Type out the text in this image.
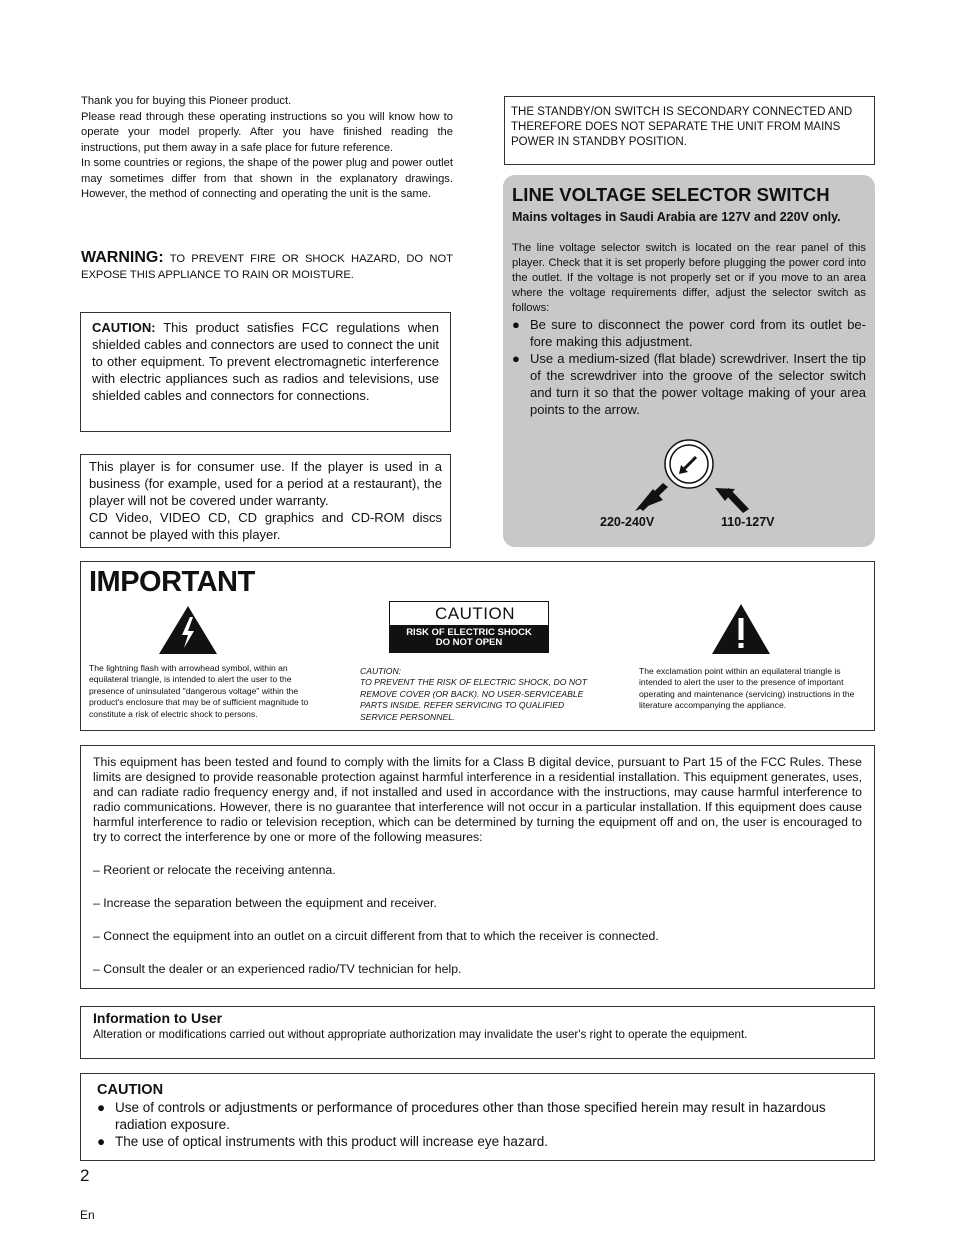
Thank you for buying this Pioneer product.

Please read through these operating instructions so you will know how to operate your model properly. After you have finished reading the instructions, put them away in a safe place for future reference.

In some countries or regions, the shape of the power plug and power outlet may sometimes differ from that shown in the explanatory drawings. However, the method of connecting and operating the unit is the same.

WARNING: TO PREVENT FIRE OR SHOCK HAZARD, DO NOT EXPOSE THIS APPLIANCE TO RAIN OR MOISTURE.
CAUTION: This product satisfies FCC regulations when shielded cables and connectors are used to connect the unit to other equipment. To prevent electromagnetic interference with electric appliances such as radios and televisions, use shielded cables and connectors for connections.

This player is for consumer use. If the player is used in a business (for example, used for a period at a restaurant), the player will not be covered under warranty.

CD Video, VIDEO CD, CD graphics and CD-ROM discs cannot be played with this player.

THE STANDBY/ON SWITCH IS SECONDARY CONNECTED AND THEREFORE DOES NOT SEPARATE THE UNIT FROM MAINS POWER IN STANDBY POSITION.
LINE VOLTAGE SELECTOR SWITCH
Mains voltages in Saudi Arabia are 127V and 220V only.
The line voltage selector switch is located on the rear panel of this player. Check that it is set properly before plugging the power cord into the outlet. If the voltage is not properly set or if you move to an area where the voltage requirements differ, adjust the selector switch as follows:
● Be sure to disconnect the power cord from its outlet be-fore making this adjustment.
● Use a medium-sized (flat blade) screwdriver. Insert the tip of the screwdriver into the groove of the selector switch and turn it so that the power voltage making of your area points to the arrow.
220-240V	110-127V
IMPORTANT
The lightning flash with arrowhead symbol, within an equilateral triangle, is intended to alert the user to the presence of uninsulated "dangerous voltage" within the product's enclosure that may be of sufficient magnitude to constitute a risk of electric shock to persons.
CAUTION
RISK OF ELECTRIC SHOCK
DO NOT OPEN
CAUTION:
TO PREVENT THE RISK OF ELECTRIC SHOCK, DO NOT REMOVE COVER (OR BACK). NO USER-SERVICEABLE PARTS INSIDE. REFER SERVICING TO QUALIFIED SERVICE PERSONNEL.
The exclamation point within an equilateral triangle is intended to alert the user to the presence of important operating and maintenance (servicing) instructions in the literature accompanying the appliance.

This equipment has been tested and found to comply with the limits for a Class B digital device, pursuant to Part 15 of the FCC Rules. These limits are designed to provide reasonable protection against harmful interference in a residential installation. This equipment generates, uses, and can radiate radio frequency energy and, if not installed and used in accordance with the instructions, may cause harmful interference to radio communications. However, there is no guarantee that interference will not occur in a particular installation. If this equipment does cause harmful interference to radio or television reception, which can be determined by turning the equipment off and on, the user is encouraged to try to correct the interference by one or more of the following measures:

– Reorient or relocate the receiving antenna.

– Increase the separation between the equipment and receiver.

– Connect the equipment into an outlet on a circuit different from that to which the receiver is connected.

– Consult the dealer or an experienced radio/TV technician for help.

Information to User
Alteration or modifications carried out without appropriate authorization may invalidate the user's right to operate the equipment.
CAUTION
● Use of controls or adjustments or performance of procedures other than those specified herein may result in hazardous radiation exposure.
● The use of optical instruments with this product will increase eye hazard.
2
En
